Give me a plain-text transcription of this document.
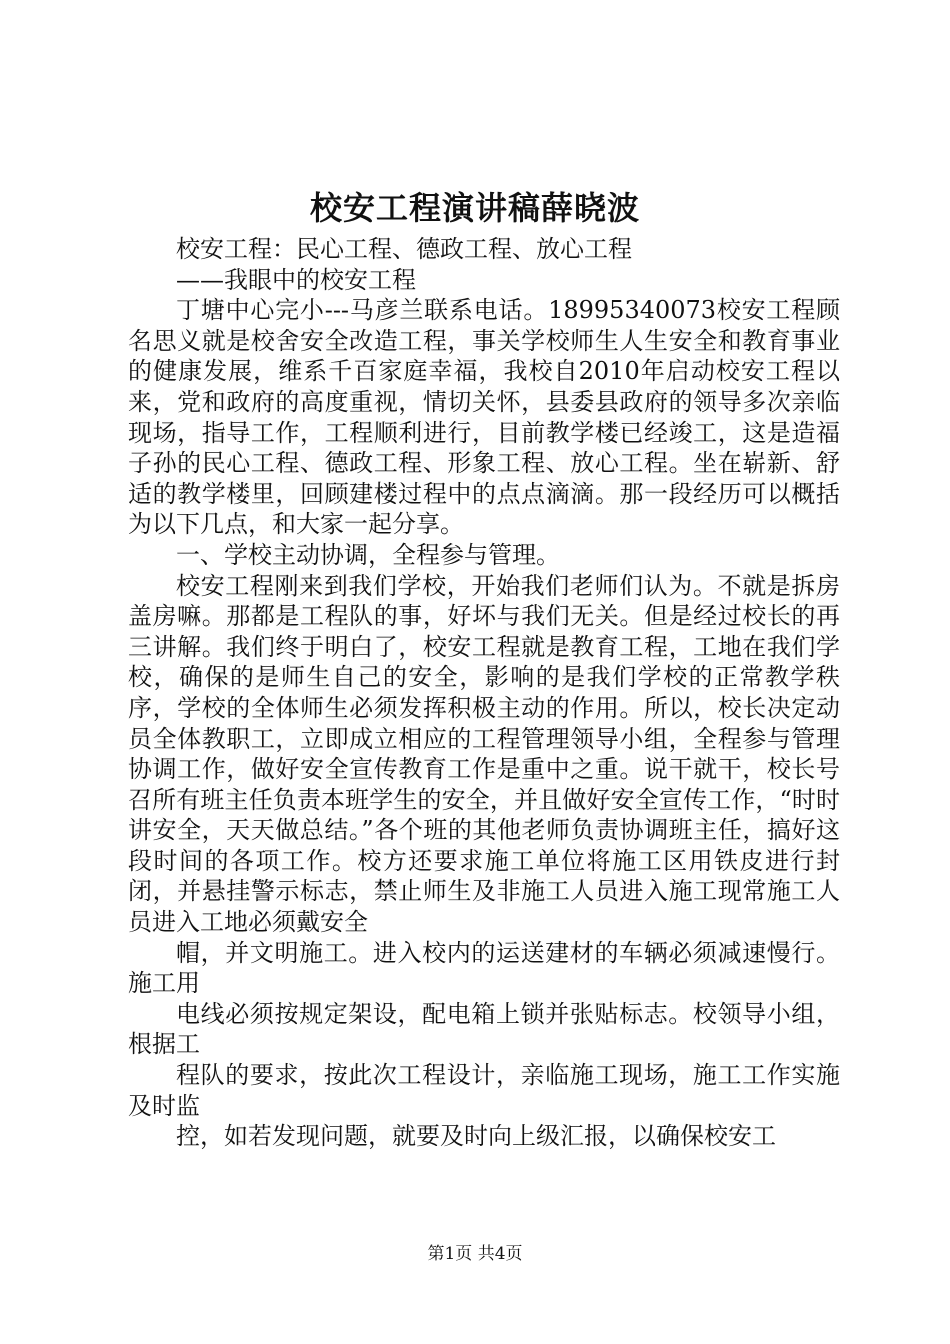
校安工程演讲稿薛晓波

校安工程：民心工程、德政工程、放心工程

——我眼中的校安工程

丁塘中心完小---马彦兰联系电话。18995340073校安工程顾名思义就是校舍安全改造工程，事关学校师生人生安全和教育事业的健康发展，维系千百家庭幸福，我校自2010年启动校安工程以来，党和政府的高度重视，情切关怀，县委县政府的领导多次亲临现场，指导工作，工程顺利进行，目前教学楼已经竣工，这是造福子孙的民心工程、德政工程、形象工程、放心工程。坐在崭新、舒适的教学楼里，回顾建楼过程中的点点滴滴。那一段经历可以概括为以下几点，和大家一起分享。

一、学校主动协调，全程参与管理。

校安工程刚来到我们学校，开始我们老师们认为。不就是拆房盖房嘛。那都是工程队的事，好坏与我们无关。但是经过校长的再三讲解。我们终于明白了，校安工程就是教育工程，工地在我们学校，确保的是师生自己的安全，影响的是我们学校的正常教学秩序，学校的全体师生必须发挥积极主动的作用。所以，校长决定动员全体教职工，立即成立相应的工程管理领导小组，全程参与管理协调工作，做好安全宣传教育工作是重中之重。说干就干，校长号召所有班主任负责本班学生的安全，并且做好安全宣传工作，“时时讲安全，天天做总结。”各个班的其他老师负责协调班主任，搞好这段时间的各项工作。校方还要求施工单位将施工区用铁皮进行封闭，并悬挂警示标志，禁止师生及非施工人员进入施工现常施工人员进入工地必须戴安全

帽，并文明施工。进入校内的运送建材的车辆必须减速慢行。施工用

电线必须按规定架设，配电箱上锁并张贴标志。校领导小组，根据工

程队的要求，按此次工程设计，亲临施工现场，施工工作实施及时监

控，如若发现问题，就要及时向上级汇报，以确保校安工

第1页 共4页
